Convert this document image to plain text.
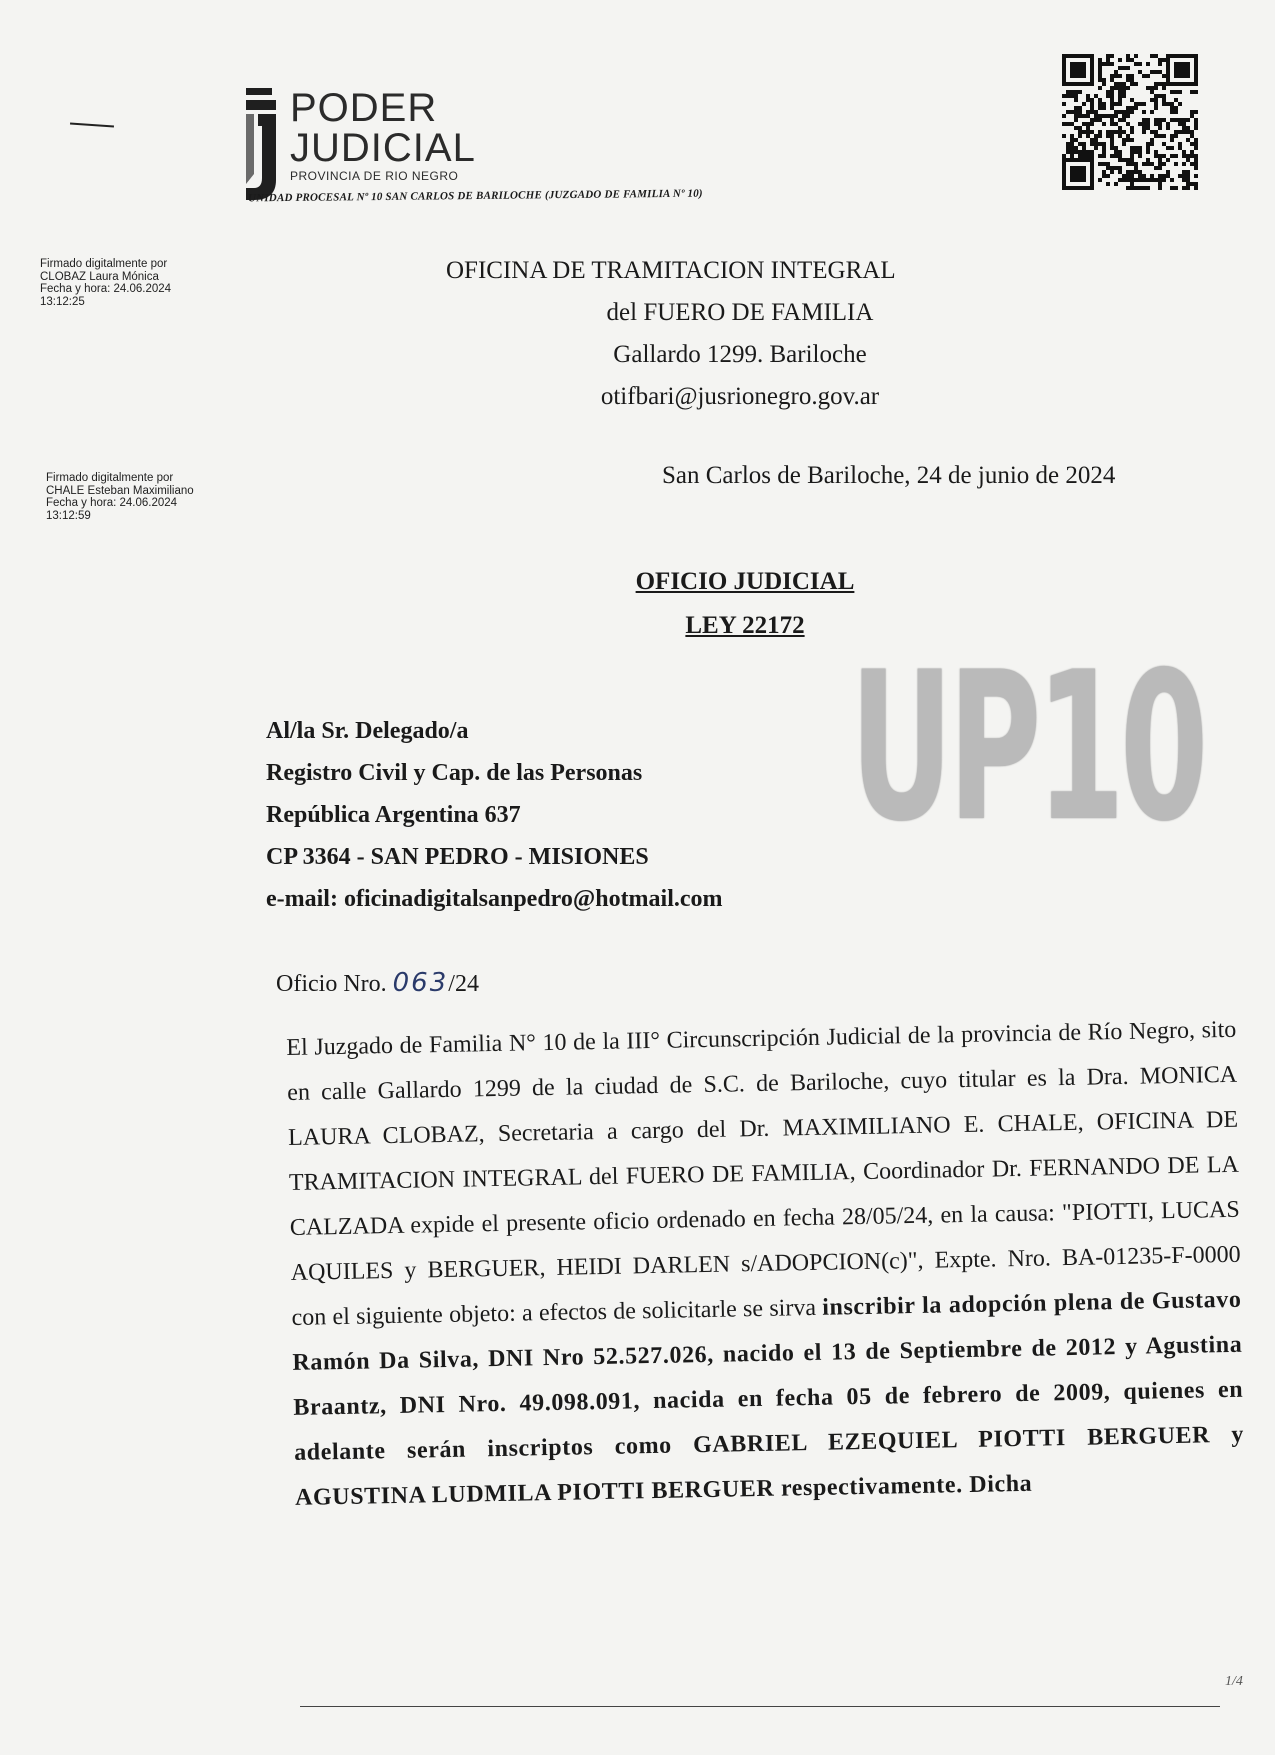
PODER
JUDICIAL
PROVINCIA DE RIO NEGRO
UNIDAD PROCESAL Nº 10 SAN CARLOS DE BARILOCHE (JUZGADO DE FAMILIA Nº 10)
Firmado digitalmente por
CLOBAZ Laura Mónica
Fecha y hora: 24.06.2024
13:12:25
Firmado digitalmente por
CHALE Esteban Maximiliano
Fecha y hora: 24.06.2024
13:12:59
OFICINA DE TRAMITACION INTEGRAL
del FUERO DE FAMILIA
Gallardo 1299. Bariloche
otifbari@jusrionegro.gov.ar
San Carlos de Bariloche, 24 de junio de 2024
OFICIO JUDICIAL
LEY 22172
UP10
Al/la Sr. Delegado/a
Registro Civil y Cap. de las Personas
República Argentina 637
CP 3364 - SAN PEDRO - MISIONES
e-mail: oficinadigitalsanpedro@hotmail.com
Oficio Nro. 063/24
El Juzgado de Familia N° 10 de la III° Circunscripción Judicial de la provincia de Río Negro, sito en calle Gallardo 1299 de la ciudad de S.C. de Bariloche, cuyo titular es la Dra. MONICA LAURA CLOBAZ, Secretaria a cargo del Dr. MAXIMILIANO E. CHALE, OFICINA DE TRAMITACION INTEGRAL del FUERO DE FAMILIA, Coordinador Dr. FERNANDO DE LA CALZADA expide el presente oficio ordenado en fecha 28/05/24, en la causa: "PIOTTI, LUCAS AQUILES y BERGUER, HEIDI DARLEN s/ADOPCION(c)", Expte. Nro. BA-01235-F-0000 con el siguiente objeto: a efectos de solicitarle se sirva inscribir la adopción plena de Gustavo Ramón Da Silva, DNI Nro 52.527.026, nacido el 13 de Septiembre de 2012 y Agustina Braantz, DNI Nro. 49.098.091, nacida en fecha 05 de febrero de 2009, quienes en adelante serán inscriptos como GABRIEL EZEQUIEL PIOTTI BERGUER y AGUSTINA LUDMILA PIOTTI BERGUER respectivamente. Dicha
1/4
